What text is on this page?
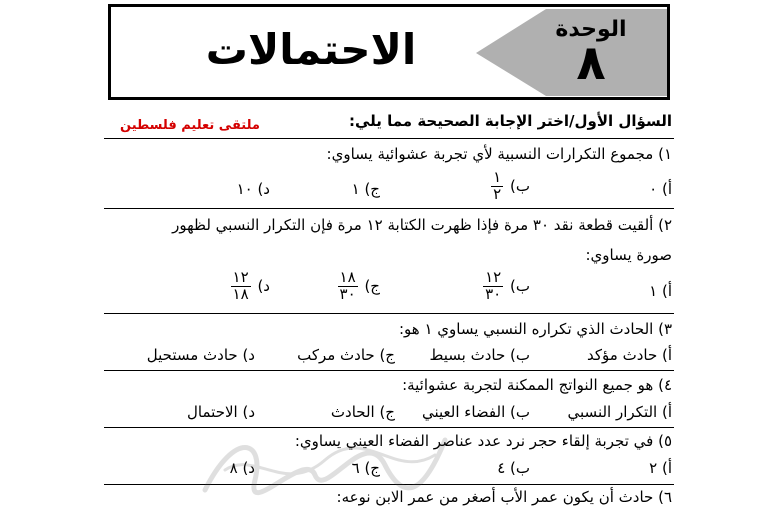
الوحدة
٨
الاحتمالات
السؤال الأول/اختر الإجابة الصحيحة مما يلي:
ملتقى تعليم فلسطين
١) مجموع التكرارات النسبية لأي تجربة عشوائية يساوي:
أ) ٠
ب)
$\frac{١}{٢}$
ج) ١
د) ١٠
٢) ألقيت قطعة نقد ٣٠ مرة فإذا ظهرت الكتابة ١٢ مرة فإن التكرار النسبي لظهور
صورة يساوي:
أ) ١
ب)
$\frac{١٢}{٣٠}$
ج)
$\frac{١٨}{٣٠}$
د)
$\frac{١٢}{١٨}$
٣) الحادث الذي تكراره النسبي يساوي ١ هو:
أ) حادث مؤكد
ب) حادث بسيط
ج) حادث مركب
د) حادث مستحيل
٤) هو جميع النواتج الممكنة لتجربة عشوائية:
أ) التكرار النسبي
ب) الفضاء العيني
ج) الحادث
د) الاحتمال
٥) في تجربة إلقاء حجر نرد عدد عناصر الفضاء العيني يساوي:
أ) ٢
ب) ٤
ج) ٦
د) ٨
٦) حادث أن يكون عمر الأب أصغر من عمر الابن نوعه:
